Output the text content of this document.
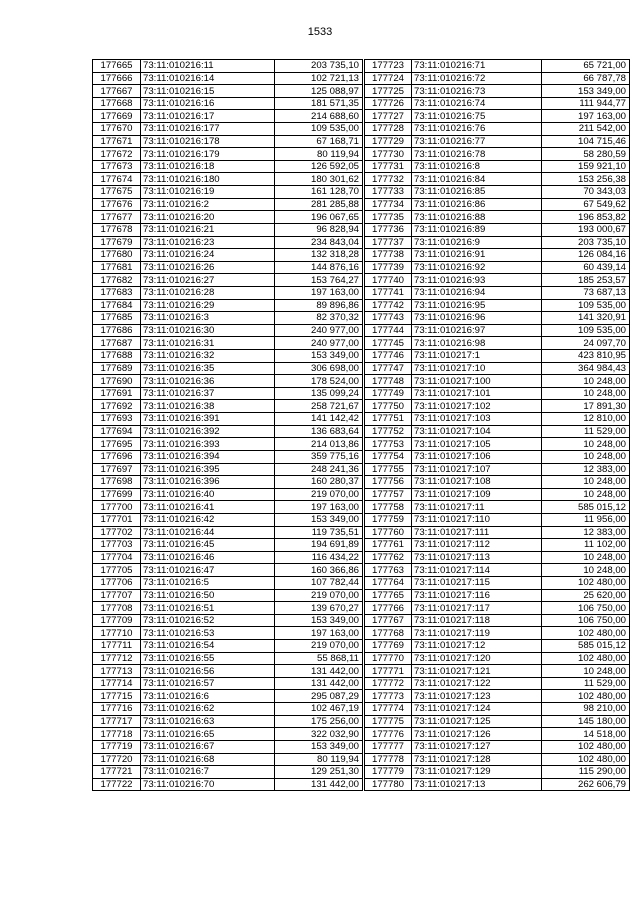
1533
177665	73:11:010216:11	203 735,10
177666	73:11:010216:14	102 721,13
177667	73:11:010216:15	125 088,97
177668	73:11:010216:16	181 571,35
177669	73:11:010216:17	214 688,60
177670	73:11:010216:177	109 535,00
177671	73:11:010216:178	67 168,71
177672	73:11:010216:179	80 119,94
177673	73:11:010216:18	126 592,05
177674	73:11:010216:180	180 301,62
177675	73:11:010216:19	161 128,70
177676	73:11:010216:2	281 285,88
177677	73:11:010216:20	196 067,65
177678	73:11:010216:21	96 828,94
177679	73:11:010216:23	234 843,04
177680	73:11:010216:24	132 318,28
177681	73:11:010216:26	144 876,16
177682	73:11:010216:27	153 764,27
177683	73:11:010216:28	197 163,00
177684	73:11:010216:29	89 896,86
177685	73:11:010216:3	82 370,32
177686	73:11:010216:30	240 977,00
177687	73:11:010216:31	240 977,00
177688	73:11:010216:32	153 349,00
177689	73:11:010216:35	306 698,00
177690	73:11:010216:36	178 524,00
177691	73:11:010216:37	135 099,24
177692	73:11:010216:38	258 721,67
177693	73:11:010216:391	141 142,42
177694	73:11:010216:392	136 683,64
177695	73:11:010216:393	214 013,86
177696	73:11:010216:394	359 775,16
177697	73:11:010216:395	248 241,36
177698	73:11:010216:396	160 280,37
177699	73:11:010216:40	219 070,00
177700	73:11:010216:41	197 163,00
177701	73:11:010216:42	153 349,00
177702	73:11:010216:44	119 735,51
177703	73:11:010216:45	194 691,89
177704	73:11:010216:46	116 434,22
177705	73:11:010216:47	160 366,86
177706	73:11:010216:5	107 782,44
177707	73:11:010216:50	219 070,00
177708	73:11:010216:51	139 670,27
177709	73:11:010216:52	153 349,00
177710	73:11:010216:53	197 163,00
177711	73:11:010216:54	219 070,00
177712	73:11:010216:55	55 868,11
177713	73:11:010216:56	131 442,00
177714	73:11:010216:57	131 442,00
177715	73:11:010216:6	295 087,29
177716	73:11:010216:62	102 467,19
177717	73:11:010216:63	175 256,00
177718	73:11:010216:65	322 032,90
177719	73:11:010216:67	153 349,00
177720	73:11:010216:68	80 119,94
177721	73:11:010216:7	129 251,30
177722	73:11:010216:70	131 442,00
177723	73:11:010216:71	65 721,00
177724	73:11:010216:72	66 787,78
177725	73:11:010216:73	153 349,00
177726	73:11:010216:74	111 944,77
177727	73:11:010216:75	197 163,00
177728	73:11:010216:76	211 542,00
177729	73:11:010216:77	104 715,46
177730	73:11:010216:78	58 280,59
177731	73:11:010216:8	159 921,10
177732	73:11:010216:84	153 256,38
177733	73:11:010216:85	70 343,03
177734	73:11:010216:86	67 549,62
177735	73:11:010216:88	196 853,82
177736	73:11:010216:89	193 000,67
177737	73:11:010216:9	203 735,10
177738	73:11:010216:91	126 084,16
177739	73:11:010216:92	60 439,14
177740	73:11:010216:93	185 253,57
177741	73:11:010216:94	73 687,13
177742	73:11:010216:95	109 535,00
177743	73:11:010216:96	141 320,91
177744	73:11:010216:97	109 535,00
177745	73:11:010216:98	24 097,70
177746	73:11:010217:1	423 810,95
177747	73:11:010217:10	364 984,43
177748	73:11:010217:100	10 248,00
177749	73:11:010217:101	10 248,00
177750	73:11:010217:102	17 891,30
177751	73:11:010217:103	12 810,00
177752	73:11:010217:104	11 529,00
177753	73:11:010217:105	10 248,00
177754	73:11:010217:106	10 248,00
177755	73:11:010217:107	12 383,00
177756	73:11:010217:108	10 248,00
177757	73:11:010217:109	10 248,00
177758	73:11:010217:11	585 015,12
177759	73:11:010217:110	11 956,00
177760	73:11:010217:111	12 383,00
177761	73:11:010217:112	11 102,00
177762	73:11:010217:113	10 248,00
177763	73:11:010217:114	10 248,00
177764	73:11:010217:115	102 480,00
177765	73:11:010217:116	25 620,00
177766	73:11:010217:117	106 750,00
177767	73:11:010217:118	106 750,00
177768	73:11:010217:119	102 480,00
177769	73:11:010217:12	585 015,12
177770	73:11:010217:120	102 480,00
177771	73:11:010217:121	10 248,00
177772	73:11:010217:122	11 529,00
177773	73:11:010217:123	102 480,00
177774	73:11:010217:124	98 210,00
177775	73:11:010217:125	145 180,00
177776	73:11:010217:126	14 518,00
177777	73:11:010217:127	102 480,00
177778	73:11:010217:128	102 480,00
177779	73:11:010217:129	115 290,00
177780	73:11:010217:13	262 606,79
